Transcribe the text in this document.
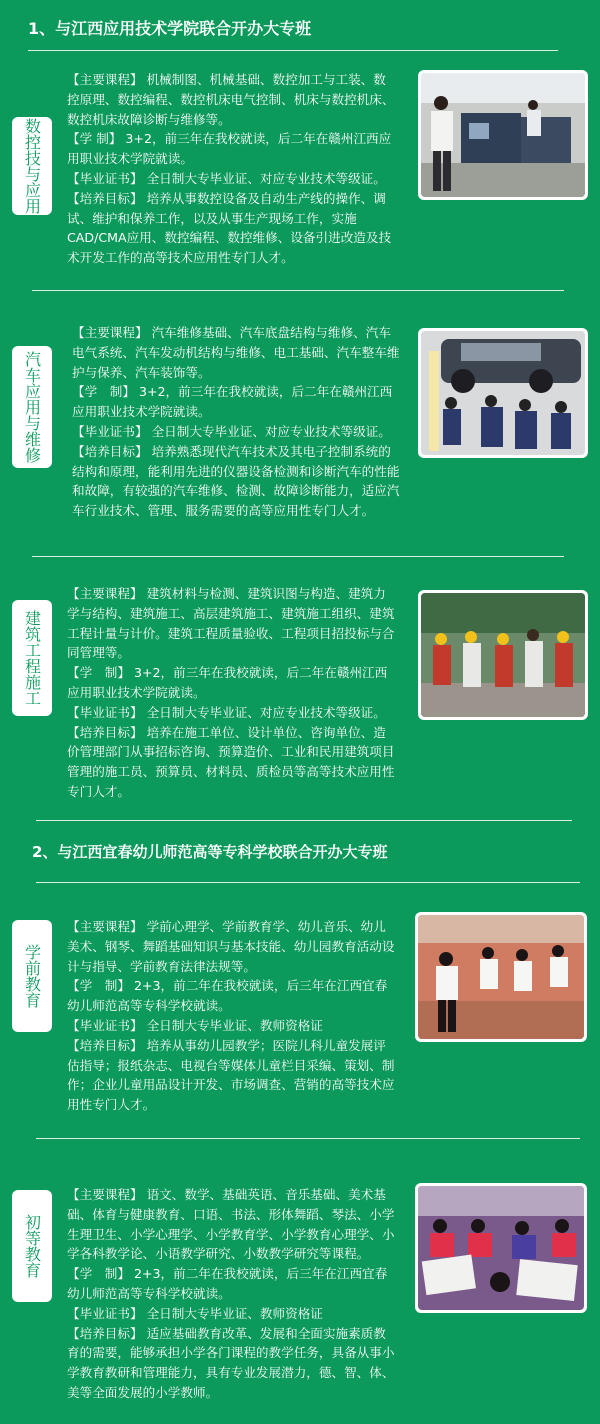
1、与江西应用技术学院联合开办大专班
数控技与应用

【主要课程】 机械制图、机械基础、数控加工与工装、数

控原理、数控编程、数控机床电气控制、机床与数控机床、

数控机床故障诊断与维修等。

【学 制】 3+2，前三年在我校就读，后二年在赣州江西应

用职业技术学院就读。

【毕业证书】 全日制大专毕业证、对应专业技术等级证。

【培养目标】 培养从事数控设备及自动生产线的操作、调

试、维护和保养工作，以及从事生产现场工作，实施

CAD/CMA应用、数控编程、数控维修、设备引进改造及技

术开发工作的高等技术应用性专门人才。

汽车应用与维修

【主要课程】 汽车维修基础、汽车底盘结构与维修、汽车

电气系统、汽车发动机结构与维修、电工基础、汽车整车维

护与保养、汽车装饰等。

【学　制】 3+2，前三年在我校就读，后二年在赣州江西

应用职业技术学院就读。

【毕业证书】 全日制大专毕业证、对应专业技术等级证。

【培养目标】 培养熟悉现代汽车技术及其电子控制系统的

结构和原理，能利用先进的仪器设备检测和诊断汽车的性能

和故障，有较强的汽车维修、检测、故障诊断能力，适应汽

车行业技术、管理、服务需要的高等应用性专门人才。

建筑工程施工

【主要课程】 建筑材料与检测、建筑识图与构造、建筑力

学与结构、建筑施工、高层建筑施工、建筑施工组织、建筑

工程计量与计价。建筑工程质量验收、工程项目招投标与合

同管理等。

【学　制】 3+2，前三年在我校就读，后二年在赣州江西

应用职业技术学院就读。

【毕业证书】 全日制大专毕业证、对应专业技术等级证。

【培养目标】 培养在施工单位、设计单位、咨询单位、造

价管理部门从事招标咨询、预算造价、工业和民用建筑项目

管理的施工员、预算员、材料员、质检员等高等技术应用性

专门人才。

2、与江西宜春幼儿师范高等专科学校联合开办大专班
学前教育

【主要课程】 学前心理学、学前教育学、幼儿音乐、幼儿

美术、钢琴、舞蹈基础知识与基本技能、幼儿园教育活动设

计与指导、学前教育法律法规等。

【学　制】 2+3，前二年在我校就读，后三年在江西宜春

幼儿师范高等专科学校就读。

【毕业证书】 全日制大专毕业证、教师资格证

【培养目标】 培养从事幼儿园教学；医院儿科儿童发展评

估指导；报纸杂志、电视台等媒体儿童栏目采编、策划、制

作；企业儿童用品设计开发、市场调查、营销的高等技术应

用性专门人才。

初等教育

【主要课程】 语文、数学、基础英语、音乐基础、美术基

础、体育与健康教育、口语、书法、形体舞蹈、琴法、小学

生理卫生、小学心理学、小学教育学、小学教育心理学、小

学各科教学论、小语教学研究、小数教学研究等课程。

【学　制】 2+3，前二年在我校就读，后三年在江西宜春

幼儿师范高等专科学校就读。

【毕业证书】 全日制大专毕业证、教师资格证

【培养目标】 适应基础教育改革、发展和全面实施素质教

育的需要，能够承担小学各门课程的教学任务，具备从事小

学教育教研和管理能力，具有专业发展潜力，德、智、体、

美等全面发展的小学教师。
